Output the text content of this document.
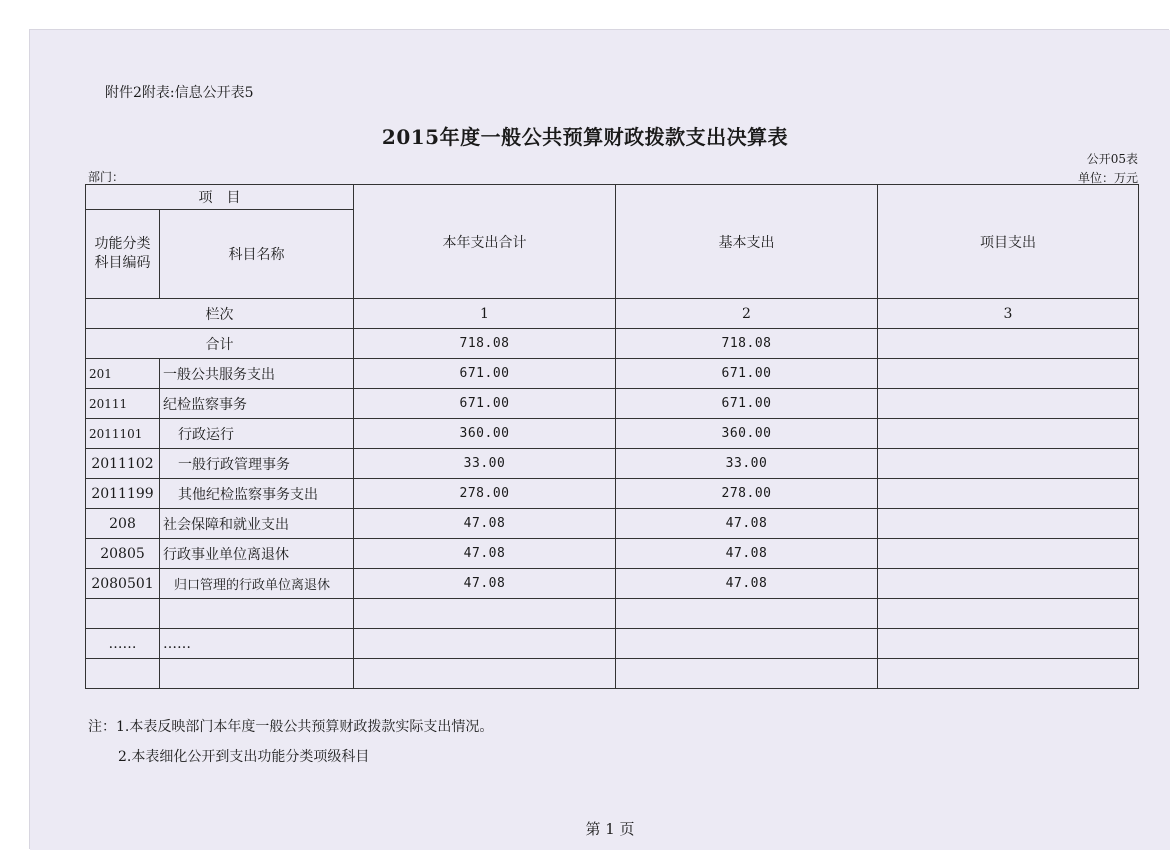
附件2附表:信息公开表5
2015年度一般公共预算财政拨款支出决算表
公开05表
单位：万元
部门：
项　目		本年支出合计	基本支出	项目支出
功能分类科目编码	科目名称			
栏次		1	2	3
合计		718.08	718.08	
201	一般公共服务支出	671.00	671.00	
20111	纪检监察事务	671.00	671.00	
2011101	行政运行	360.00	360.00	
2011102	一般行政管理事务	33.00	33.00	
2011199	其他纪检监察事务支出	278.00	278.00	
208	社会保障和就业支出	47.08	47.08	
20805	行政事业单位离退休	47.08	47.08	
2080501	归口管理的行政单位离退休	47.08	47.08	

……	……			

注：1.本表反映部门本年度一般公共预算财政拨款实际支出情况。
2.本表细化公开到支出功能分类项级科目
第 1 页
